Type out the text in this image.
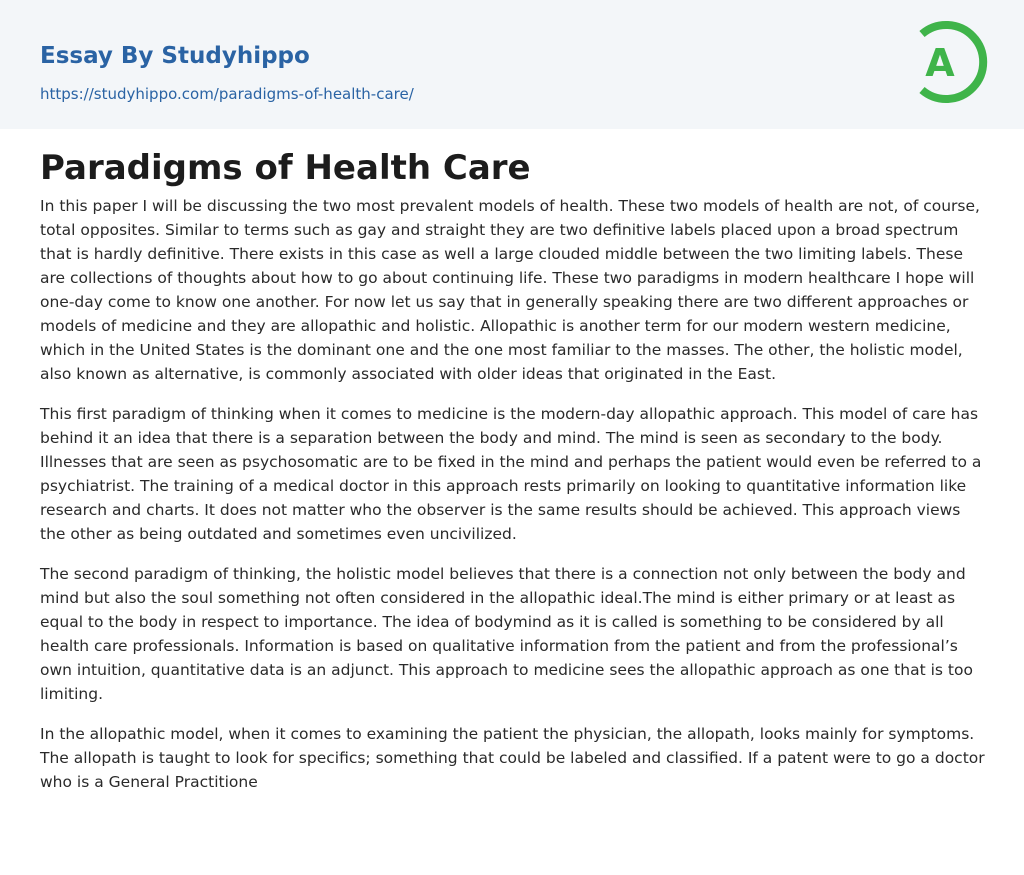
Essay By Studyhippo
https://studyhippo.com/paradigms-of-health-care/
A
Paradigms of Health Care

In this paper I will be discussing the two most prevalent models of health. These two models of health are not, of course, total opposites. Similar to terms such as gay and straight they are two definitive labels placed upon a broad spectrum that is hardly definitive. There exists in this case as well a large clouded middle between the two limiting labels. These are collections of thoughts about how to go about continuing life. These two paradigms in modern healthcare I hope will one-day come to know one another. For now let us say that in generally speaking there are two different approaches or models of medicine and they are allopathic and holistic. Allopathic is another term for our modern western medicine, which in the United States is the dominant one and the one most familiar to the masses. The other, the holistic model, also known as alternative, is commonly associated with older ideas that originated in the East.

This first paradigm of thinking when it comes to medicine is the modern-day allopathic approach. This model of care has behind it an idea that there is a separation between the body and mind. The mind is seen as secondary to the body. Illnesses that are seen as psychosomatic are to be fixed in the mind and perhaps the patient would even be referred to a psychiatrist. The training of a medical doctor in this approach rests primarily on looking to quantitative information like research and charts. It does not matter who the observer is the same results should be achieved. This approach views the other as being outdated and sometimes even uncivilized.

The second paradigm of thinking, the holistic model believes that there is a connection not only between the body and mind but also the soul something not often considered in the allopathic ideal.The mind is either primary or at least as equal to the body in respect to importance. The idea of bodymind as it is called is something to be considered by all health care professionals. Information is based on qualitative information from the patient and from the professional’s own intuition, quantitative data is an adjunct. This approach to medicine sees the allopathic approach as one that is too limiting.

In the allopathic model, when it comes to examining the patient the physician, the allopath, looks mainly for symptoms. The allopath is taught to look for specifics; something that could be labeled and classified. If a patent were to go a doctor who is a General Practitione
